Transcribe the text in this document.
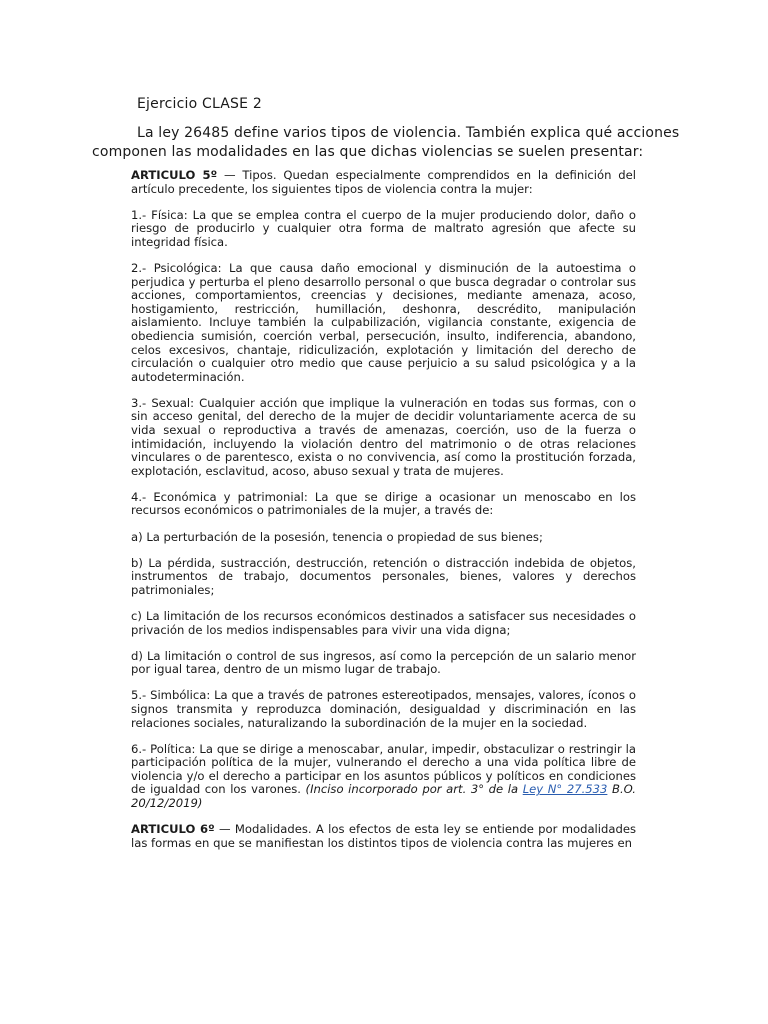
Ejercicio CLASE 2
La ley 26485 define varios tipos de violencia. También explica qué acciones
componen las modalidades en las que dichas violencias se suelen presentar:

ARTICULO 5º — Tipos. Quedan especialmente comprendidos en la definición del artículo precedente, los siguientes tipos de violencia contra la mujer:

1.- Física: La que se emplea contra el cuerpo de la mujer produciendo dolor, daño o riesgo de producirlo y cualquier otra forma de maltrato agresión que afecte su integridad física.

2.- Psicológica: La que causa daño emocional y disminución de la autoestima o perjudica y perturba el pleno desarrollo personal o que busca degradar o controlar sus acciones, comportamientos, creencias y decisiones, mediante amenaza, acoso, hostigamiento, restricción, humillación, deshonra, descrédito, manipulación aislamiento. Incluye también la culpabilización, vigilancia constante, exigencia de obediencia sumisión, coerción verbal, persecución, insulto, indiferencia, abandono, celos excesivos, chantaje, ridiculización, explotación y limitación del derecho de circulación o cualquier otro medio que cause perjuicio a su salud psicológica y a la autodeterminación.

3.- Sexual: Cualquier acción que implique la vulneración en todas sus formas, con o sin acceso genital, del derecho de la mujer de decidir voluntariamente acerca de su vida sexual o reproductiva a través de amenazas, coerción, uso de la fuerza o intimidación, incluyendo la violación dentro del matrimonio o de otras relaciones vinculares o de parentesco, exista o no convivencia, así como la prostitución forzada, explotación, esclavitud, acoso, abuso sexual y trata de mujeres.

4.- Económica y patrimonial: La que se dirige a ocasionar un menoscabo en los recursos económicos o patrimoniales de la mujer, a través de:

a) La perturbación de la posesión, tenencia o propiedad de sus bienes;

b) La pérdida, sustracción, destrucción, retención o distracción indebida de objetos, instrumentos de trabajo, documentos personales, bienes, valores y derechos patrimoniales;

c) La limitación de los recursos económicos destinados a satisfacer sus necesidades o privación de los medios indispensables para vivir una vida digna;

d) La limitación o control de sus ingresos, así como la percepción de un salario menor por igual tarea, dentro de un mismo lugar de trabajo.

5.- Simbólica: La que a través de patrones estereotipados, mensajes, valores, íconos o signos transmita y reproduzca dominación, desigualdad y discriminación en las relaciones sociales, naturalizando la subordinación de la mujer en la sociedad.

6.- Política: La que se dirige a menoscabar, anular, impedir, obstaculizar o restringir la participación política de la mujer, vulnerando el derecho a una vida política libre de violencia y/o el derecho a participar en los asuntos públicos y políticos en condiciones de igualdad con los varones. (Inciso incorporado por art. 3° de la Ley N° 27.533 B.O. 20/12/2019)

ARTICULO 6º — Modalidades. A los efectos de esta ley se entiende por modalidades las formas en que se manifiestan los distintos tipos de violencia contra las mujeres en
